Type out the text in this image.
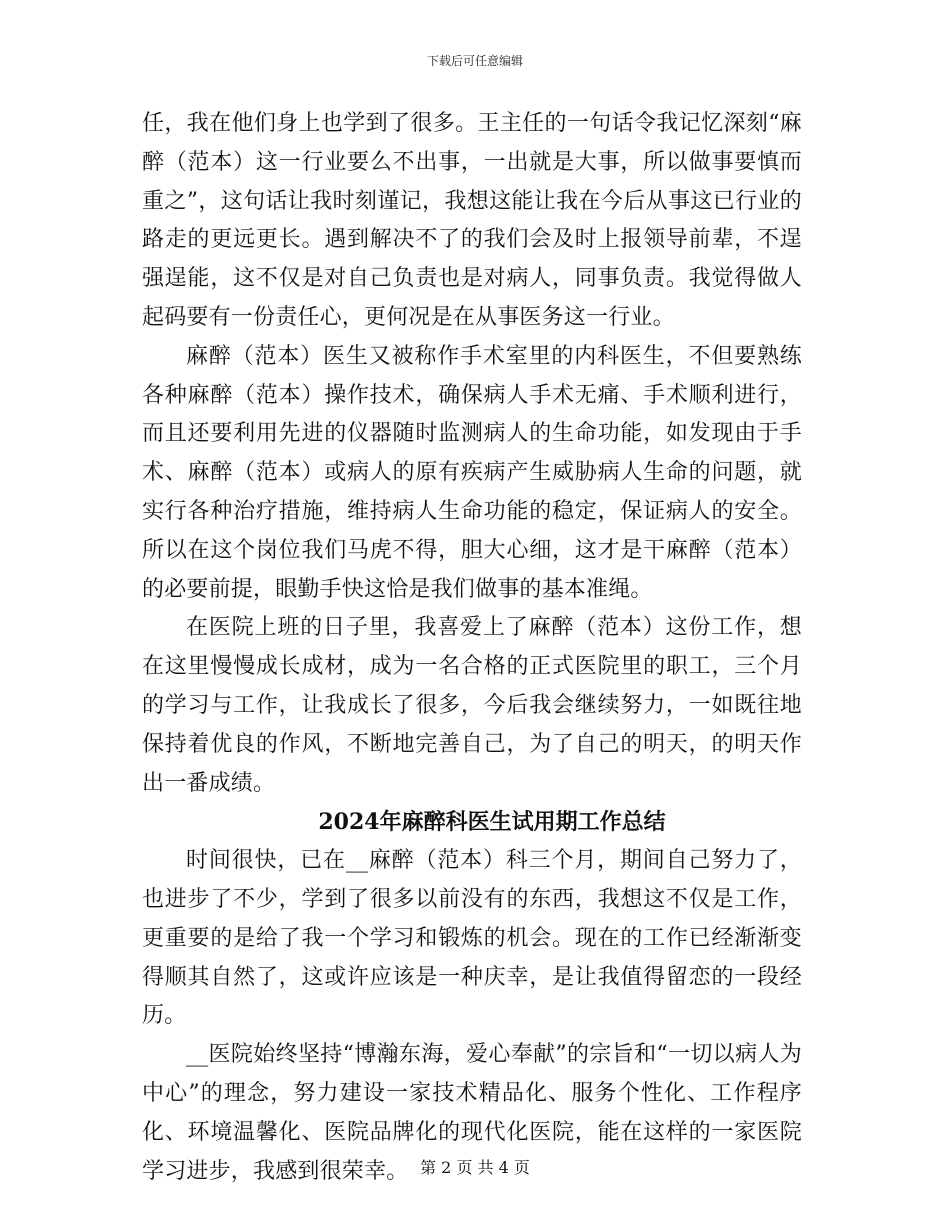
下载后可任意编辑

任，我在他们身上也学到了很多。王主任的一句话令我记忆深刻“麻醉（范本）这一行业要么不出事，一出就是大事，所以做事要慎而重之”，这句话让我时刻谨记，我想这能让我在今后从事这已行业的路走的更远更长。遇到解决不了的我们会及时上报领导前辈，不逞强逞能，这不仅是对自己负责也是对病人，同事负责。我觉得做人起码要有一份责任心，更何况是在从事医务这一行业。

麻醉（范本）医生又被称作手术室里的内科医生，不但要熟练各种麻醉（范本）操作技术，确保病人手术无痛、手术顺利进行，而且还要利用先进的仪器随时监测病人的生命功能，如发现由于手术、麻醉（范本）或病人的原有疾病产生威胁病人生命的问题，就实行各种治疗措施，维持病人生命功能的稳定，保证病人的安全。所以在这个岗位我们马虎不得，胆大心细，这才是干麻醉（范本）的必要前提，眼勤手快这恰是我们做事的基本准绳。

在医院上班的日子里，我喜爱上了麻醉（范本）这份工作，想在这里慢慢成长成材，成为一名合格的正式医院里的职工，三个月的学习与工作，让我成长了很多，今后我会继续努力，一如既往地保持着优良的作风，不断地完善自己，为了自己的明天，的明天作出一番成绩。

2024年麻醉科医生试用期工作总结

时间很快，已在__麻醉（范本）科三个月，期间自己努力了，也进步了不少，学到了很多以前没有的东西，我想这不仅是工作，更重要的是给了我一个学习和锻炼的机会。现在的工作已经渐渐变得顺其自然了，这或许应该是一种庆幸，是让我值得留恋的一段经历。

__医院始终坚持“博瀚东海，爱心奉献”的宗旨和“一切以病人为中心”的理念，努力建设一家技术精品化、服务个性化、工作程序化、环境温馨化、医院品牌化的现代化医院，能在这样的一家医院学习进步，我感到很荣幸。 第 2 页 共 4 页
